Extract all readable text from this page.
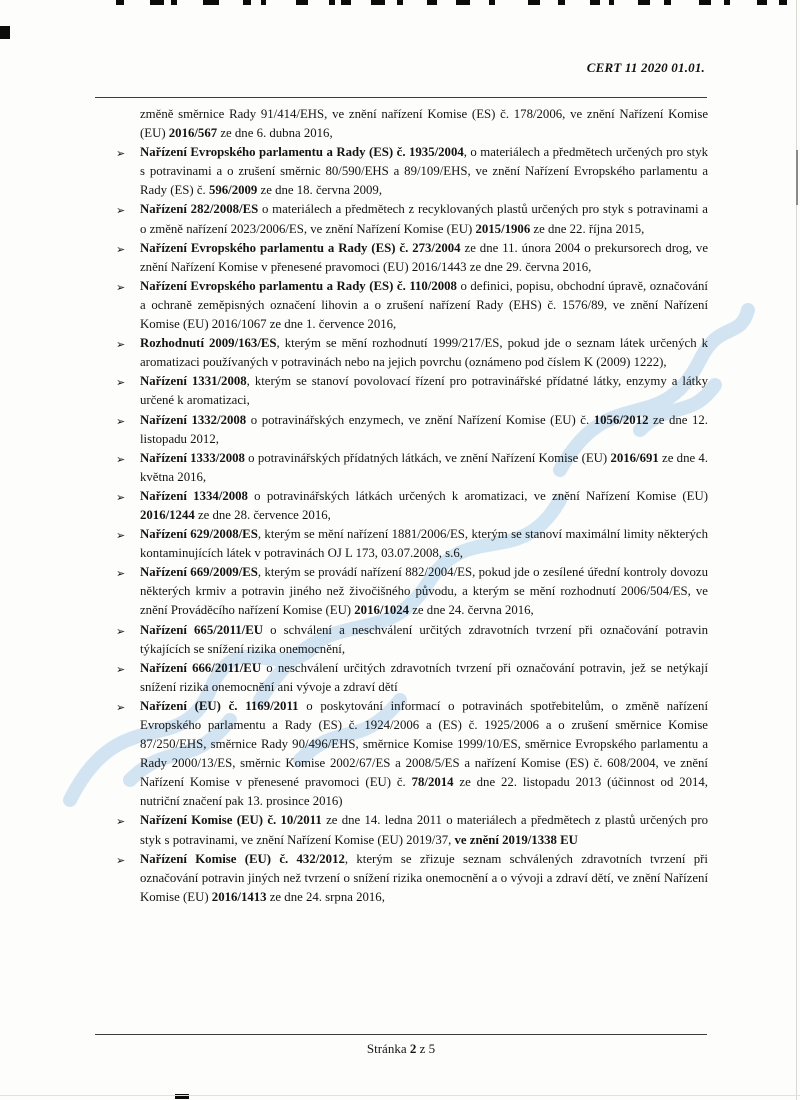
CERT 11 2020 01.01.

změně směrnice Rady 91/414/EHS, ve znění nařízení Komise (ES) č. 178/2006, ve znění Nařízení Komise (EU) 2016/567 ze dne 6. dubna 2016,

➢ Nařízení Evropského parlamentu a Rady (ES) č. 1935/2004, o materiálech a předmětech určených pro styk s potravinami a o zrušení směrnic 80/590/EHS a 89/109/EHS, ve znění Nařízení Evropského parlamentu a Rady (ES) č. 596/2009 ze dne 18. června 2009,
➢ Nařízení 282/2008/ES o materiálech a předmětech z recyklovaných plastů určených pro styk s potravinami a o změně nařízení 2023/2006/ES, ve znění Nařízení Komise (EU) 2015/1906 ze dne 22. října 2015,
➢ Nařízení Evropského parlamentu a Rady (ES) č. 273/2004 ze dne 11. února 2004 o prekursorech drog, ve znění Nařízení Komise v přenesené pravomoci (EU) 2016/1443 ze dne 29. června 2016,
➢ Nařízení Evropského parlamentu a Rady (ES) č. 110/2008 o definici, popisu, obchodní úpravě, označování a ochraně zeměpisných označení lihovin a o zrušení nařízení Rady (EHS) č. 1576/89, ve znění Nařízení Komise (EU) 2016/1067 ze dne 1. července 2016,
➢ Rozhodnutí 2009/163/ES, kterým se mění rozhodnutí 1999/217/ES, pokud jde o seznam látek určených k aromatizaci používaných v potravinách nebo na jejich povrchu (oznámeno pod číslem K (2009) 1222),
➢ Nařízení 1331/2008, kterým se stanoví povolovací řízení pro potravinářské přídatné látky, enzymy a látky určené k aromatizaci,
➢ Nařízení 1332/2008 o potravinářských enzymech, ve znění Nařízení Komise (EU) č. 1056/2012 ze dne 12. listopadu 2012,
➢ Nařízení 1333/2008 o potravinářských přídatných látkách, ve znění Nařízení Komise (EU) 2016/691 ze dne 4. května 2016,
➢ Nařízení 1334/2008 o potravinářských látkách určených k aromatizaci, ve znění Nařízení Komise (EU) 2016/1244 ze dne 28. července 2016,
➢ Nařízení 629/2008/ES, kterým se mění nařízení 1881/2006/ES, kterým se stanoví maximální limity některých kontaminujících látek v potravinách OJ L 173, 03.07.2008, s.6,
➢ Nařízení 669/2009/ES, kterým se provádí nařízení 882/2004/ES, pokud jde o zesílené úřední kontroly dovozu některých krmiv a potravin jiného než živočišného původu, a kterým se mění rozhodnutí 2006/504/ES, ve znění Prováděcího nařízení Komise (EU) 2016/1024 ze dne 24. června 2016,
➢ Nařízení 665/2011/EU o schválení a neschválení určitých zdravotních tvrzení při označování potravin týkajících se snížení rizika onemocnění,
➢ Nařízení 666/2011/EU o neschválení určitých zdravotních tvrzení při označování potravin, jež se netýkají snížení rizika onemocnění ani vývoje a zdraví dětí
➢ Nařízení (EU) č. 1169/2011 o poskytování informací o potravinách spotřebitelům, o změně nařízení Evropského parlamentu a Rady (ES) č. 1924/2006 a (ES) č. 1925/2006 a o zrušení směrnice Komise 87/250/EHS, směrnice Rady 90/496/EHS, směrnice Komise 1999/10/ES, směrnice Evropského parlamentu a Rady 2000/13/ES, směrnic Komise 2002/67/ES a 2008/5/ES a nařízení Komise (ES) č. 608/2004, ve znění Nařízení Komise v přenesené pravomoci (EU) č. 78/2014 ze dne 22. listopadu 2013 (účinnost od 2014, nutriční značení pak 13. prosince 2016)
➢ Nařízení Komise (EU) č. 10/2011 ze dne 14. ledna 2011 o materiálech a předmětech z plastů určených pro styk s potravinami, ve znění Nařízení Komise (EU) 2019/37, ve znění 2019/1338 EU
➢ Nařízení Komise (EU) č. 432/2012, kterým se zřizuje seznam schválených zdravotních tvrzení při označování potravin jiných než tvrzení o snížení rizika onemocnění a o vývoji a zdraví dětí, ve znění Nařízení Komise (EU) 2016/1413 ze dne 24. srpna 2016,
Stránka 2 z 5
